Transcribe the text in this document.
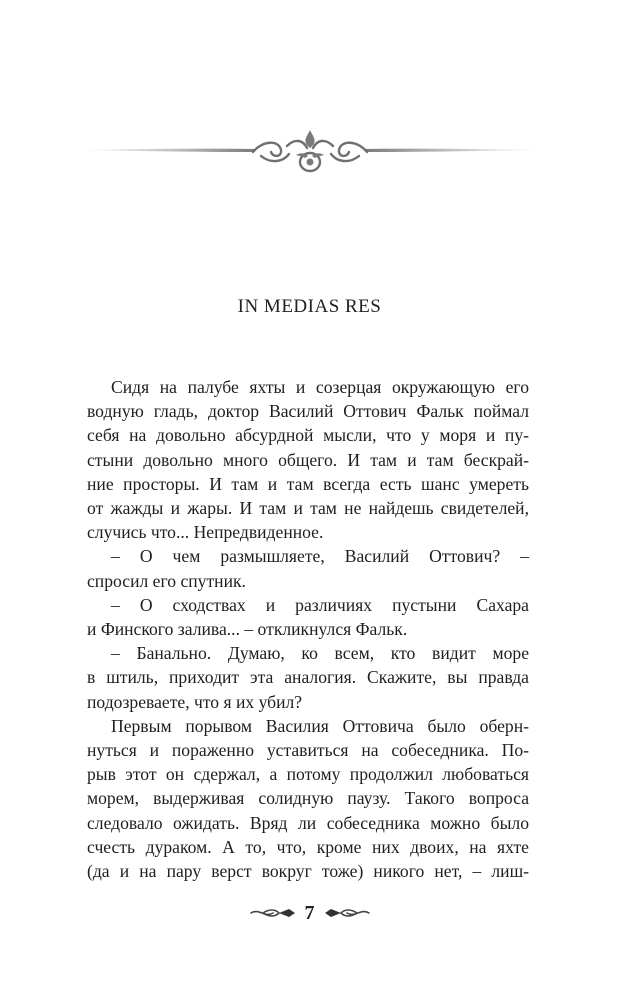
IN MEDIAS RES
Сидя на палубе яхты и созерцая окружающую его
водную гладь, доктор Василий Оттович Фальк поймал
себя на довольно абсурдной мысли, что у моря и пу-
стыни довольно много общего. И там и там бескрай-
ние просторы. И там и там всегда есть шанс умереть
от жажды и жары. И там и там не найдешь свидетелей,
случись что... Непредвиденное.
– О чем размышляете, Василий Оттович? –
спросил его спутник.
– О сходствах и различиях пустыни Сахара
и Финского залива... – откликнулся Фальк.
– Банально. Думаю, ко всем, кто видит море
в штиль, приходит эта аналогия. Скажите, вы правда
подозреваете, что я их убил?
Первым порывом Василия Оттовича было оберн-
нуться и пораженно уставиться на собеседника. По-
рыв этот он сдержал, а потому продолжил любоваться
морем, выдерживая солидную паузу. Такого вопроса
следовало ожидать. Вряд ли собеседника можно было
счесть дураком. А то, что, кроме них двоих, на яхте
(да и на пару верст вокруг тоже) никого нет, – лиш-
7
